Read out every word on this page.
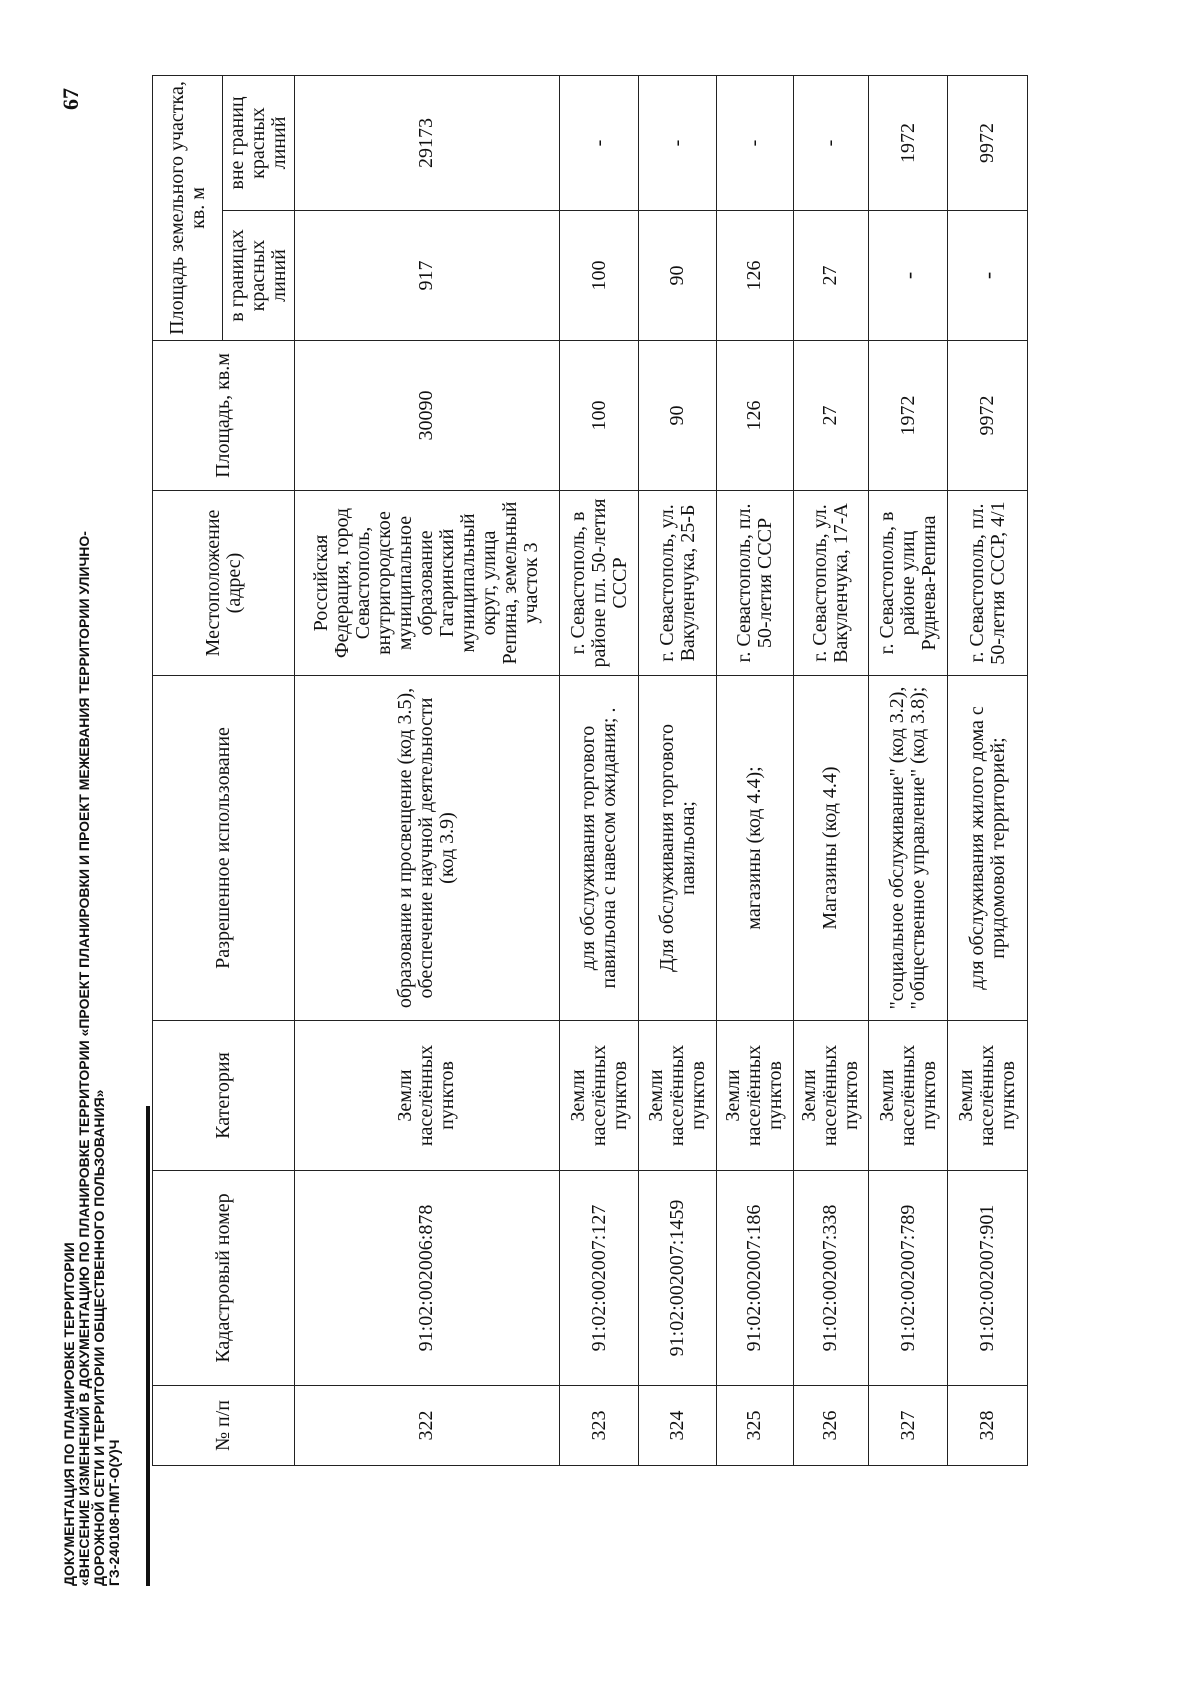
67
ДОКУМЕНТАЦИЯ ПО ПЛАНИРОВКЕ ТЕРРИТОРИИ «ВНЕСЕНИЕ ИЗМЕНЕНИЙ В ДОКУМЕНТАЦИЮ ПО ПЛАНИРОВКЕ ТЕРРИТОРИИ «ПРОЕКТ ПЛАНИРОВКИ И ПРОЕКТ МЕЖЕВАНИЯ ТЕРРИТОРИИ УЛИЧНО- ДОРОЖНОЙ СЕТИ И ТЕРРИТОРИИ ОБЩЕСТВЕННОГО ПОЛЬЗОВАНИЯ» ГЗ-240108-ПМТ-О(У)Ч
№ п/п	Кадастровый номер	Категория	Разрешенное использование	Местоположение (адрес)	Площадь, кв.м	Площадь земельного участка, кв. м	
						в границах красных линий	вне границ красных линий
322	91:02:002006:878	Земли населённых пунктов	образование и просвещение (код 3.5), обеспечение научной деятельности (код 3.9)	Российская Федерация, город Севастополь, внутригородское муниципальное образование Гагаринский муниципальный округ, улица Репина, земельный участок 3	30090	917	29173
323	91:02:002007:127	Земли населённых пунктов	для обслуживания торгового павильона с навесом ожидания; .	г. Севастополь, в районе пл. 50-летия СССР	100	100	-
324	91:02:002007:1459	Земли населённых пунктов	Для обслуживания торгового павильона;	г. Севастополь, ул. Вакуленчука, 25-Б	90	90	-
325	91:02:002007:186	Земли населённых пунктов	магазины (код 4.4);	г. Севастополь, пл. 50-летия СССР	126	126	-
326	91:02:002007:338	Земли населённых пунктов	Магазины (код 4.4)	г. Севастополь, ул. Вакуленчука, 17-А	27	27	-
327	91:02:002007:789	Земли населённых пунктов	"социальное обслуживание" (код 3.2), "общественное управление" (код 3.8);	г. Севастополь, в районе улиц Руднева-Репина	1972	-	1972
328	91:02:002007:901	Земли населённых пунктов	для обслуживания жилого дома с придомовой территорией;	г. Севастополь, пл. 50-летия СССР, 4/1	9972	-	9972
